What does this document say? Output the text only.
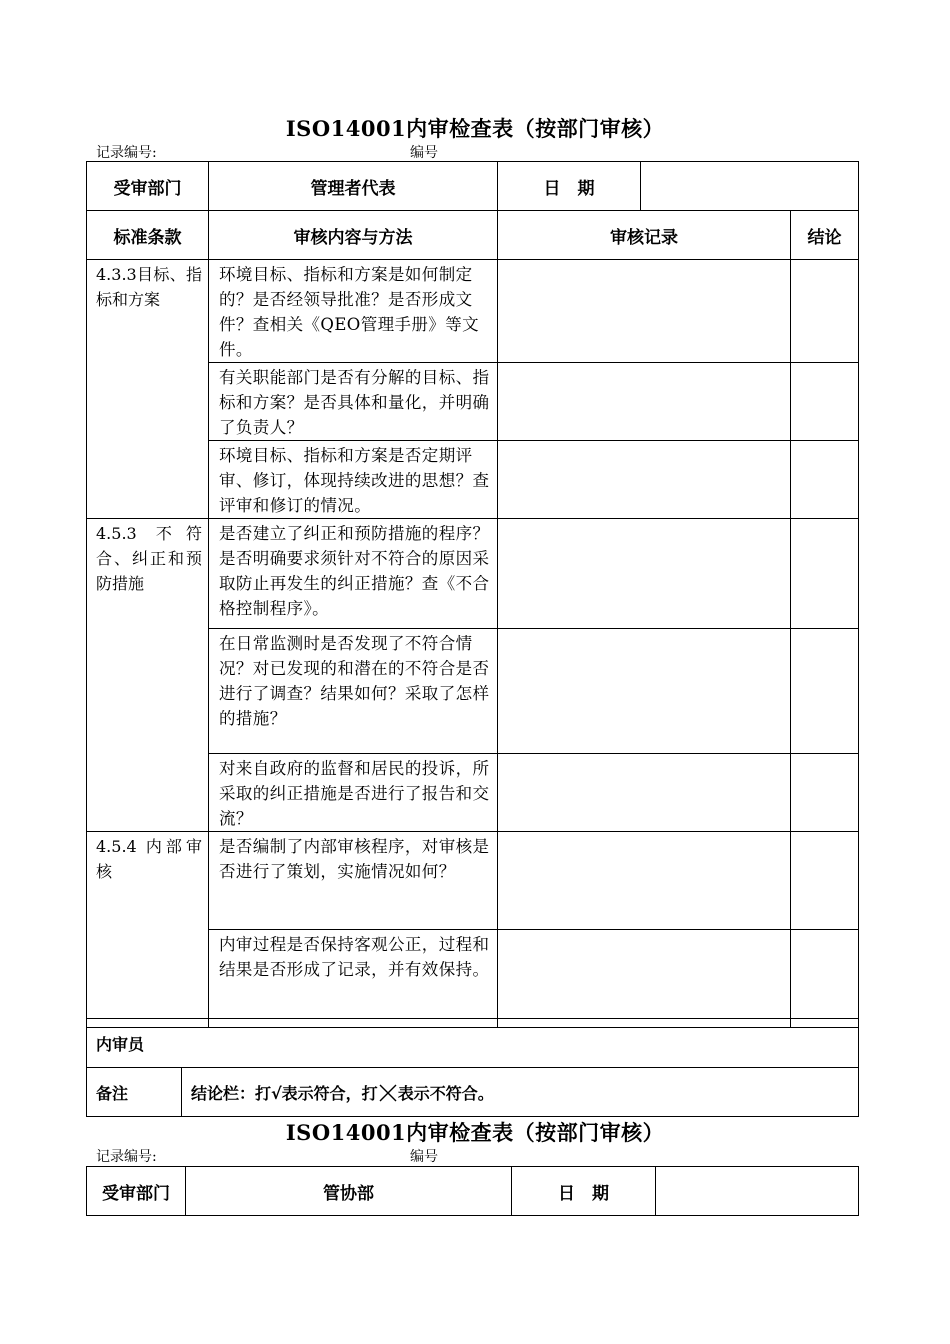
ISO14001内审检查表（按部门审核）
记录编号:	编号
受审部门	管理者代表	日　期	
标准条款	审核内容与方法	审核记录	结论
4.3.3目标、指标和方案	环境目标、指标和方案是如何制定的？是否经领导批准？是否形成文件？查相关《QEO管理手册》等文件。		
	有关职能部门是否有分解的目标、指标和方案？是否具体和量化，并明确了负责人？		
	环境目标、指标和方案是否定期评审、修订，体现持续改进的思想？查评审和修订的情况。		
4.5.3 不符合、纠正和预防措施	是否建立了纠正和预防措施的程序？是否明确要求须针对不符合的原因采取防止再发生的纠正措施？查《不合格控制程序》。		
	在日常监测时是否发现了不符合情况？对已发现的和潜在的不符合是否进行了调查？结果如何？采取了怎样的措施？		
	对来自政府的监督和居民的投诉，所采取的纠正措施是否进行了报告和交流？		
4.5.4 内部审核	是否编制了内部审核程序，对审核是否进行了策划，实施情况如何？		
	内审过程是否保持客观公正，过程和结果是否形成了记录，并有效保持。		
内审员
备注	结论栏：打√表示符合，打 表示不符合。
ISO14001内审检查表（按部门审核）
记录编号:	编号
受审部门	管协部	日　期	
